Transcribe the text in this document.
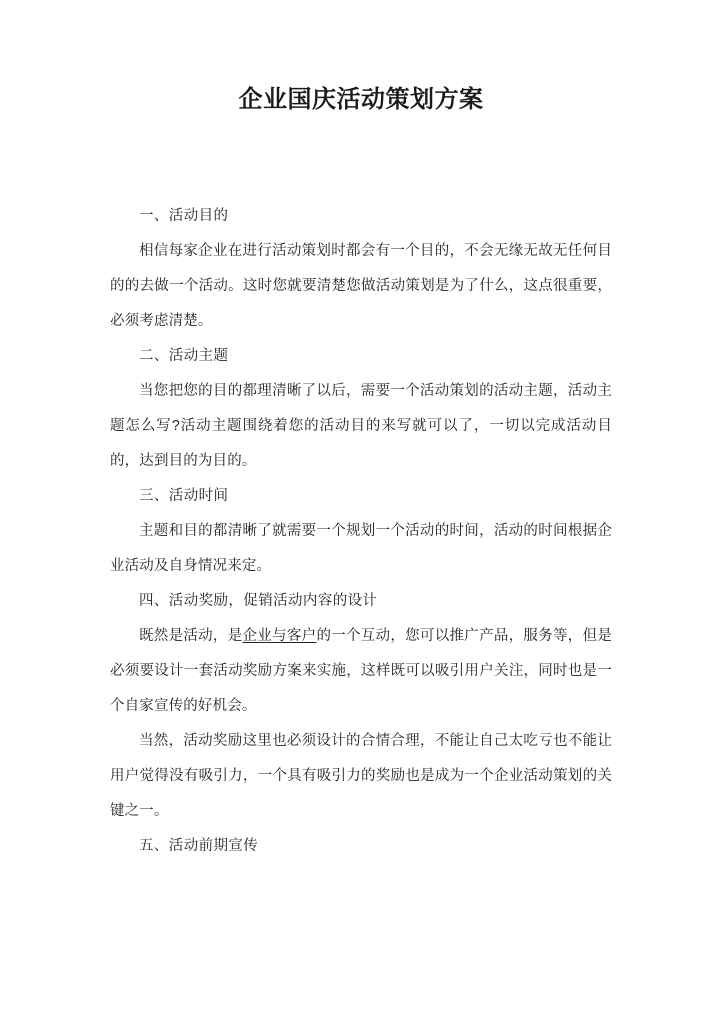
企业国庆活动策划方案

一、活动目的

相信每家企业在进行活动策划时都会有一个目的，不会无缘无故无任何目的的去做一个活动。这时您就要清楚您做活动策划是为了什么，这点很重要，必须考虑清楚。

二、活动主题

当您把您的目的都理清晰了以后，需要一个活动策划的活动主题，活动主题怎么写?活动主题围绕着您的活动目的来写就可以了，一切以完成活动目的，达到目的为目的。

三、活动时间

主题和目的都清晰了就需要一个规划一个活动的时间，活动的时间根据企业活动及自身情况来定。

四、活动奖励，促销活动内容的设计

既然是活动，是企业与客户的一个互动，您可以推广产品，服务等，但是必须要设计一套活动奖励方案来实施，这样既可以吸引用户关注，同时也是一个自家宣传的好机会。

当然，活动奖励这里也必须设计的合情合理，不能让自己太吃亏也不能让用户觉得没有吸引力，一个具有吸引力的奖励也是成为一个企业活动策划的关键之一。

五、活动前期宣传
